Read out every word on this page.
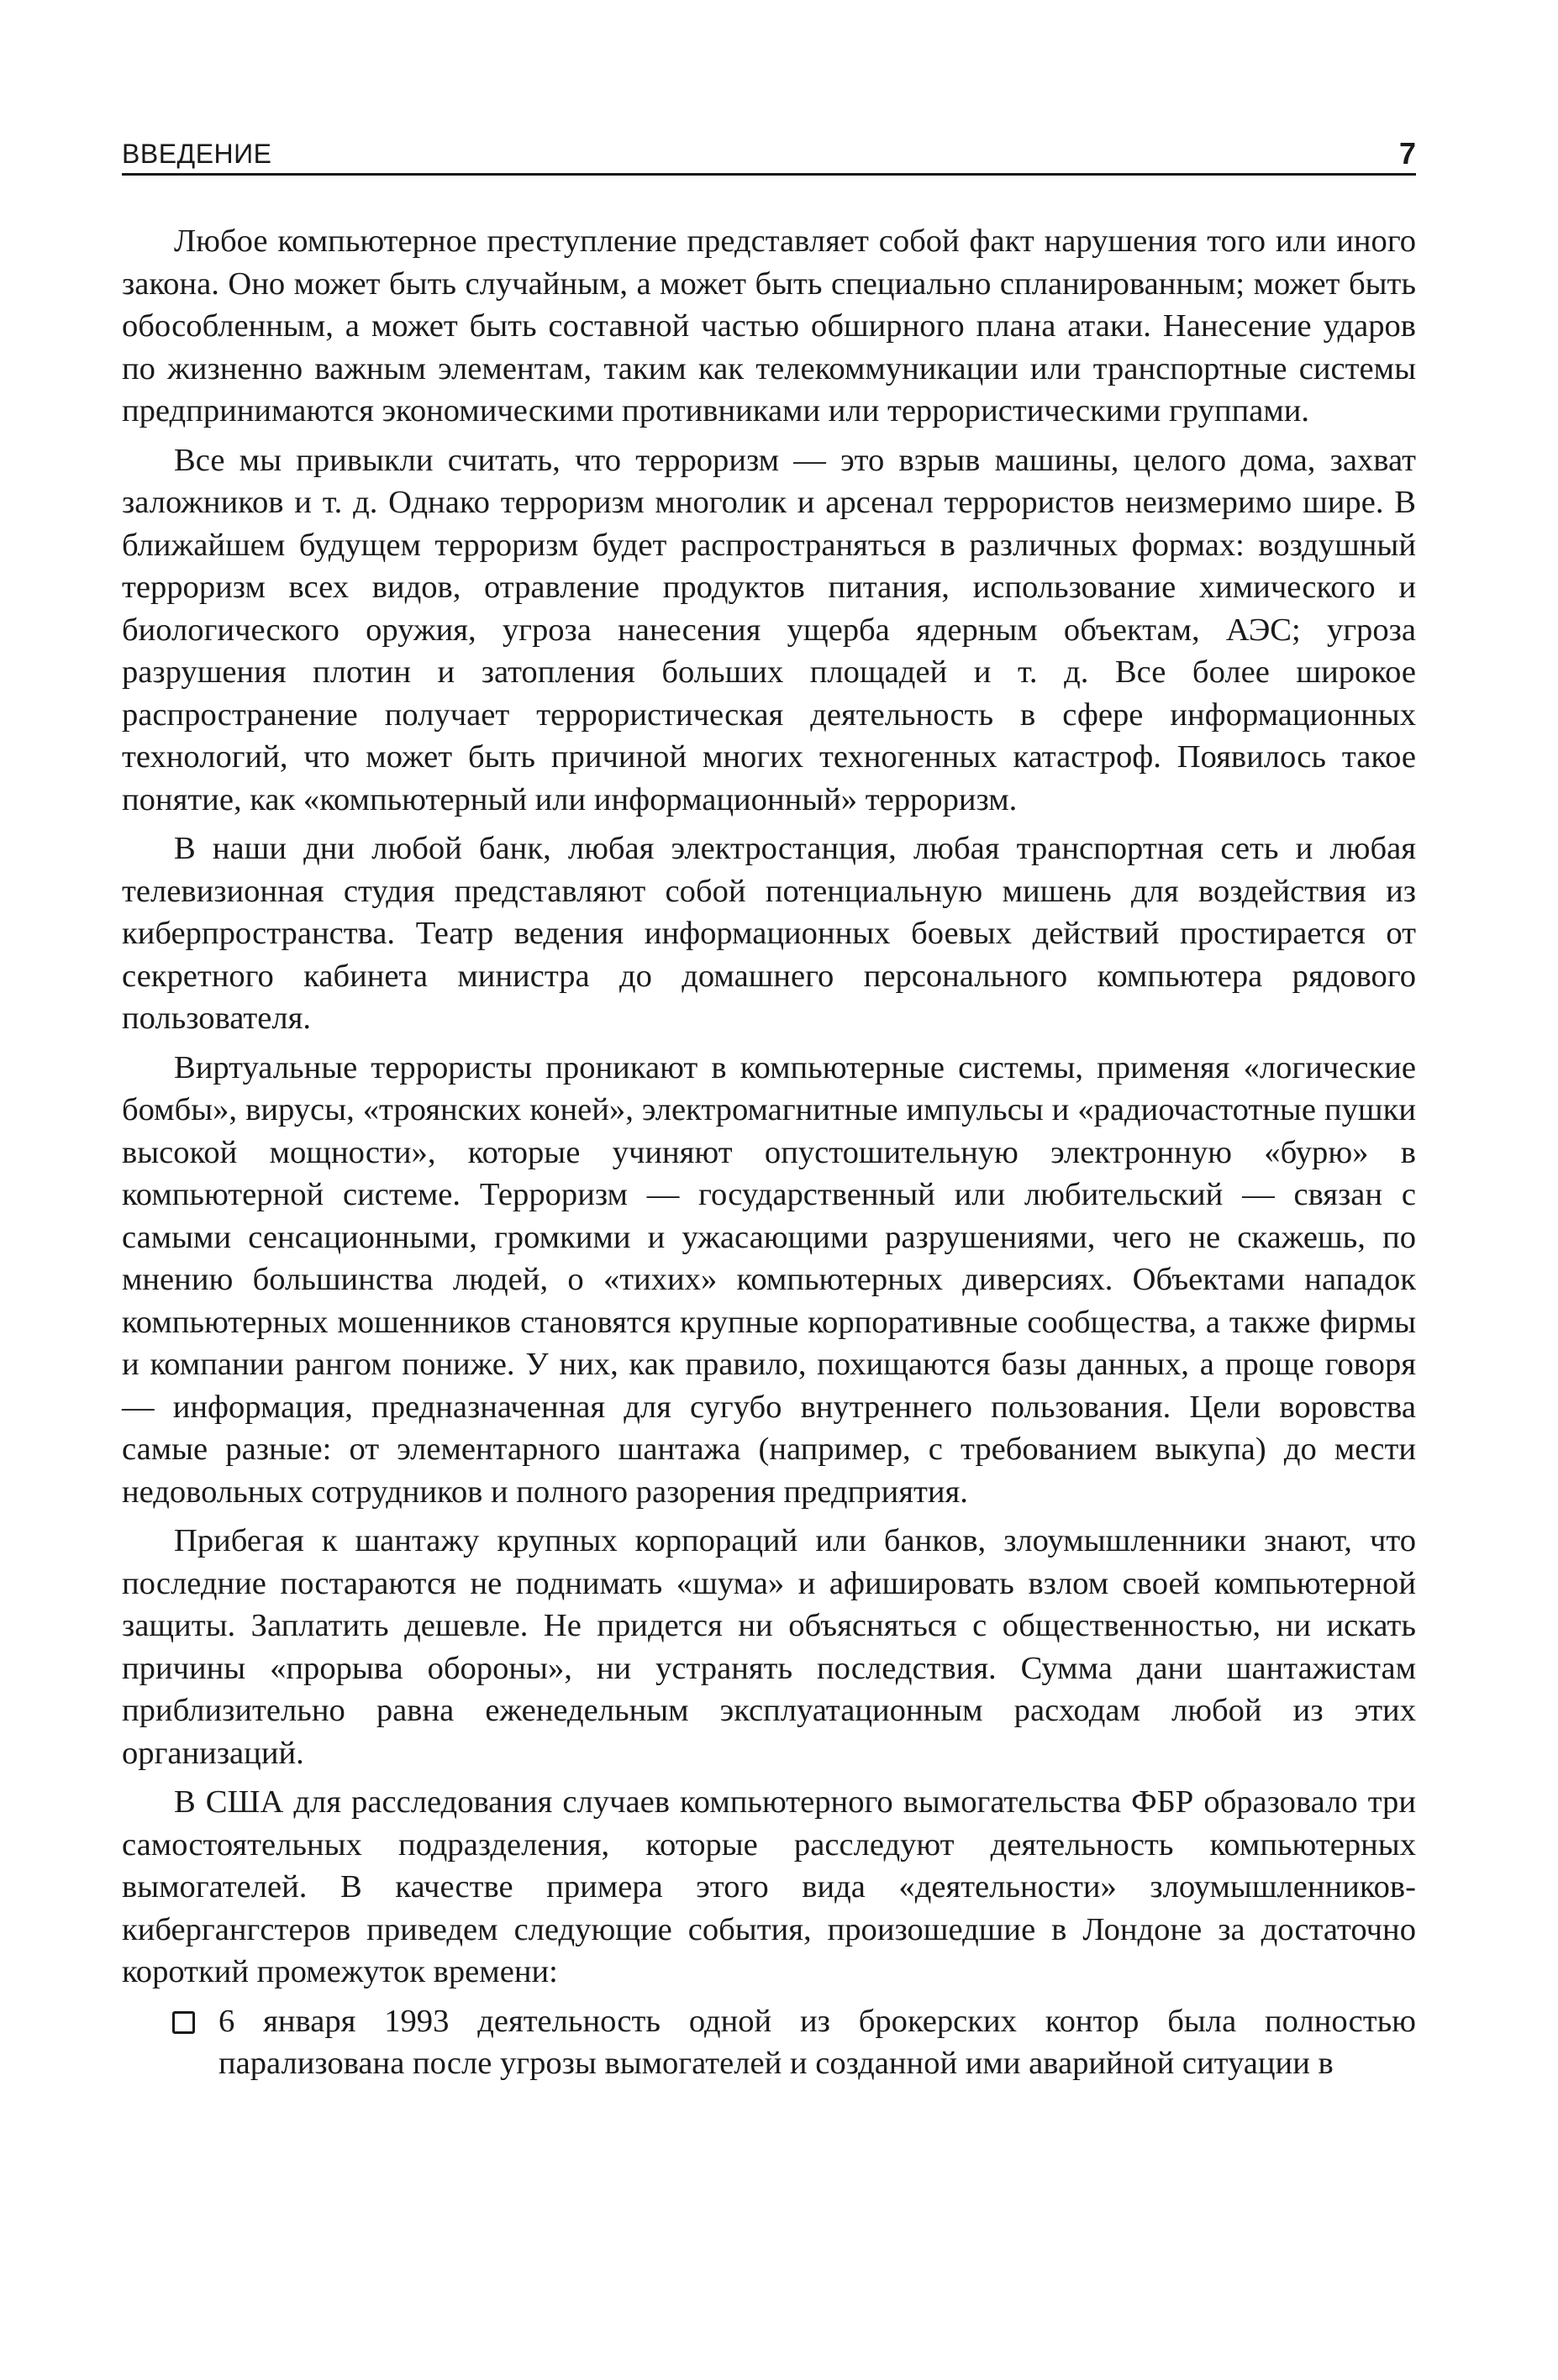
ВВЕДЕНИЕ	7

Любое компьютерное преступление представляет собой факт нарушения того или иного закона. Оно может быть случайным, а может быть специально спланированным; может быть обособленным, а может быть составной частью обширного плана атаки. Нанесение ударов по жизненно важным элементам, таким как телекоммуникации или транспортные системы предпринимаются экономическими противниками или террористическими группами.

Все мы привыкли считать, что терроризм — это взрыв машины, целого дома, захват заложников и т. д. Однако терроризм многолик и арсенал террористов неизмеримо шире. В ближайшем будущем терроризм будет распространяться в различных формах: воздушный терроризм всех видов, отравление продуктов питания, использование химического и биологического оружия, угроза нанесения ущерба ядерным объектам, АЭС; угроза разрушения плотин и затопления больших площадей и т. д. Все более широкое распространение получает террористическая деятельность в сфере информационных технологий, что может быть причиной многих техногенных катастроф. Появилось такое понятие, как «компьютерный или информационный» терроризм.

В наши дни любой банк, любая электростанция, любая транспортная сеть и любая телевизионная студия представляют собой потенциальную мишень для воздействия из киберпространства. Театр ведения информационных боевых действий простирается от секретного кабинета министра до домашнего персонального компьютера рядового пользователя.

Виртуальные террористы проникают в компьютерные системы, применяя «логические бомбы», вирусы, «троянских коней», электромагнитные импульсы и «радиочастотные пушки высокой мощности», которые учиняют опустошительную электронную «бурю» в компьютерной системе. Терроризм — государственный или любительский — связан с самыми сенсационными, громкими и ужасающими разрушениями, чего не скажешь, по мнению большинства людей, о «тихих» компьютерных диверсиях. Объектами нападок компьютерных мошенников становятся крупные корпоративные сообщества, а также фирмы и компании рангом пониже. У них, как правило, похищаются базы данных, а проще говоря — информация, предназначенная для сугубо внутреннего пользования. Цели воровства самые разные: от элементарного шантажа (например, с требованием выкупа) до мести недовольных сотрудников и полного разорения предприятия.

Прибегая к шантажу крупных корпораций или банков, злоумышленники знают, что последние постараются не поднимать «шума» и афишировать взлом своей компьютерной защиты. Заплатить дешевле. Не придется ни объясняться с общественностью, ни искать причины «прорыва обороны», ни устранять последствия. Сумма дани шантажистам приблизительно равна еженедельным эксплуатационным расходам любой из этих организаций.

В США для расследования случаев компьютерного вымогательства ФБР образовало три самостоятельных подразделения, которые расследуют деятельность компьютерных вымогателей. В качестве примера этого вида «деятельности» злоумышленников-кибергангстеров приведем следующие события, произошедшие в Лондоне за достаточно короткий промежуток времени:

6 января 1993 деятельность одной из брокерских контор была полностью парализована после угрозы вымогателей и созданной ими аварийной ситуации в
